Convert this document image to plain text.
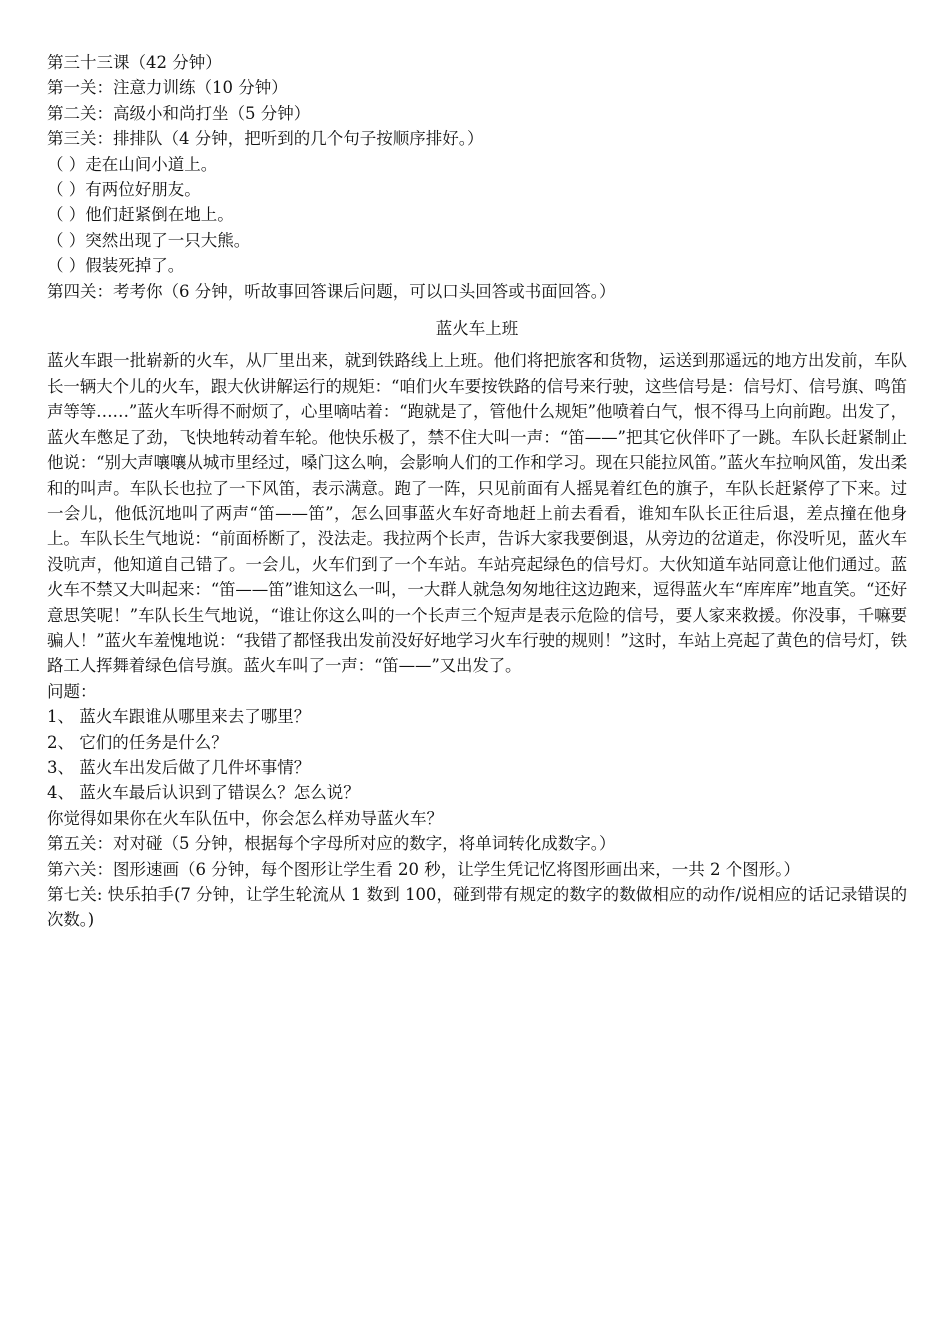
第三十三课（42 分钟）
第一关：注意力训练（10 分钟）
第二关：高级小和尚打坐（5 分钟）
第三关：排排队（4 分钟，把听到的几个句子按顺序排好。）
（ ）走在山间小道上。
（ ）有两位好朋友。
（ ）他们赶紧倒在地上。
（ ）突然出现了一只大熊。
（ ）假装死掉了。
第四关：考考你（6 分钟，听故事回答课后问题，可以口头回答或书面回答。）
蓝火车上班
蓝火车跟一批崭新的火车，从厂里出来，就到铁路线上上班。他们将把旅客和货物，运送到那遥远的地方出发前，车队长一辆大个儿的火车，跟大伙讲解运行的规矩：“咱们火车要按铁路的信号来行驶，这些信号是：信号灯、信号旗、鸣笛声等等……”蓝火车听得不耐烦了，心里嘀咕着：“跑就是了，管他什么规矩”他喷着白气，恨不得马上向前跑。出发了，蓝火车憋足了劲，飞快地转动着车轮。他快乐极了，禁不住大叫一声：“笛——”把其它伙伴吓了一跳。车队长赶紧制止他说：“别大声嚷嚷从城市里经过，嗓门这么响，会影响人们的工作和学习。现在只能拉风笛。”蓝火车拉响风笛，发出柔和的叫声。车队长也拉了一下风笛，表示满意。跑了一阵，只见前面有人摇晃着红色的旗子，车队长赶紧停了下来。过一会儿，他低沉地叫了两声“笛——笛”，怎么回事蓝火车好奇地赶上前去看看，谁知车队长正往后退，差点撞在他身上。车队长生气地说：“前面桥断了，没法走。我拉两个长声，告诉大家我要倒退，从旁边的岔道走，你没听见，蓝火车没吭声，他知道自己错了。一会儿，火车们到了一个车站。车站亮起绿色的信号灯。大伙知道车站同意让他们通过。蓝火车不禁又大叫起来：“笛——笛”谁知这么一叫，一大群人就急匆匆地往这边跑来，逗得蓝火车“库库库”地直笑。“还好意思笑呢！”车队长生气地说，“谁让你这么叫的一个长声三个短声是表示危险的信号，要人家来救援。你没事，千嘛要骗人！”蓝火车羞愧地说：“我错了都怪我出发前没好好地学习火车行驶的规则！”这时，车站上亮起了黄色的信号灯，铁路工人挥舞着绿色信号旗。蓝火车叫了一声：“笛——”又出发了。
问题：
1、 蓝火车跟谁从哪里来去了哪里？
2、 它们的任务是什么？
3、 蓝火车出发后做了几件坏事情？
4、 蓝火车最后认识到了错误么？怎么说？
你觉得如果你在火车队伍中，你会怎么样劝导蓝火车？
第五关：对对碰（5 分钟，根据每个字母所对应的数字，将单词转化成数字。）
第六关：图形速画（6 分钟，每个图形让学生看 20 秒，让学生凭记忆将图形画出来，一共 2 个图形。）
第七关: 快乐拍手(7 分钟，让学生轮流从 1 数到 100，碰到带有规定的数字的数做相应的动作/说相应的话记录错误的次数。)
